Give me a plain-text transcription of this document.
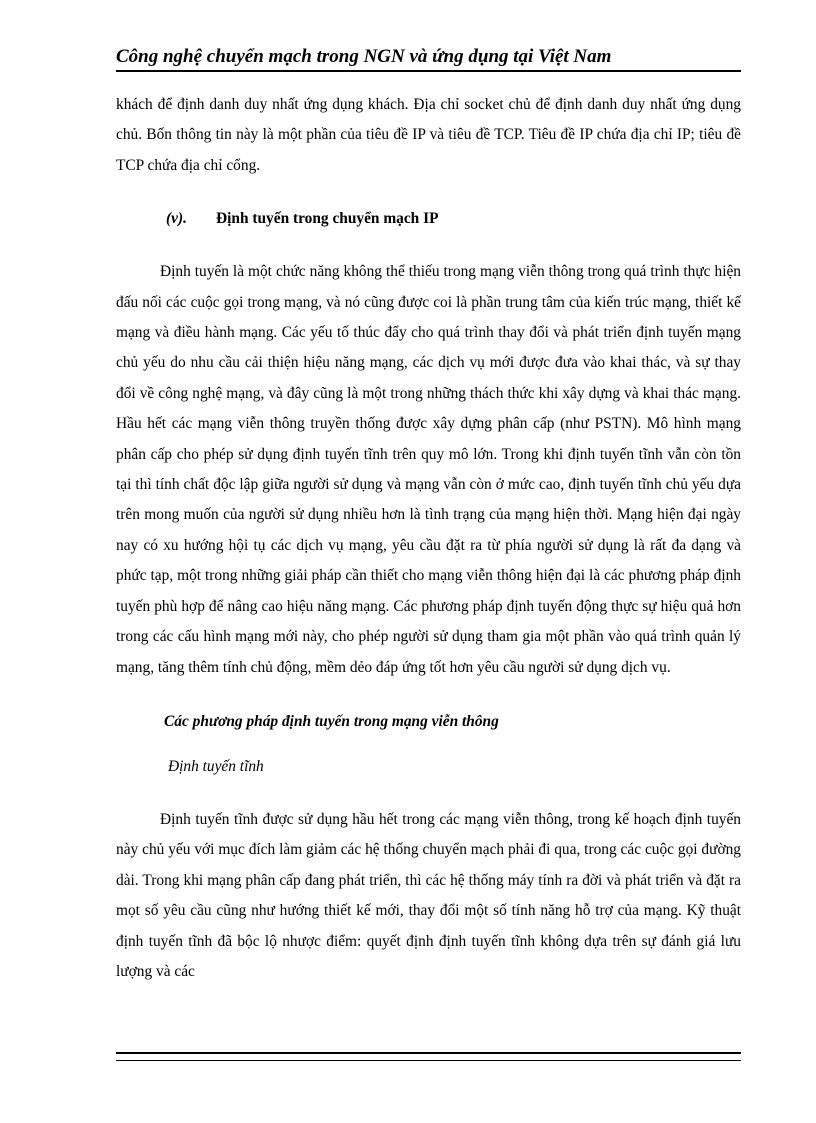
Công nghệ chuyển mạch trong NGN và ứng dụng tại Việt Nam

khách để định danh duy nhất ứng dụng khách. Địa chỉ socket chủ để định danh duy nhất ứng dụng chủ. Bốn thông tin này là một phần của tiêu đề IP và tiêu đề TCP. Tiêu đề IP chứa địa chỉ IP; tiêu đề TCP chứa địa chỉ cổng.

(v). Định tuyến trong chuyển mạch IP

Định tuyến là một chức năng không thể thiếu trong mạng viễn thông trong quá trình thực hiện đấu nối các cuộc gọi trong mạng, và nó cũng được coi là phần trung tâm của kiến trúc mạng, thiết kế mạng và điều hành mạng. Các yếu tố thúc đẩy cho quá trình thay đổi và phát triển định tuyến mạng chủ yếu do nhu cầu cải thiện hiệu năng mạng, các dịch vụ mới được đưa vào khai thác, và sự thay đổi về công nghệ mạng, và đây cũng là một trong những thách thức khi xây dựng và khai thác mạng. Hầu hết các mạng viễn thông truyền thống được xây dựng phân cấp (như PSTN). Mô hình mạng phân cấp cho phép sử dụng định tuyến tĩnh trên quy mô lớn. Trong khi định tuyến tĩnh vẫn còn tồn tại thì tính chất độc lập giữa người sử dụng và mạng vẫn còn ở mức cao, định tuyến tĩnh chủ yếu dựa trên mong muốn của người sử dụng nhiều hơn là tình trạng của mạng hiện thời. Mạng hiện đại ngày nay có xu hướng hội tụ các dịch vụ mạng, yêu cầu đặt ra từ phía người sử dụng là rất đa dạng và phức tạp, một trong những giải pháp cần thiết cho mạng viễn thông hiện đại là các phương pháp định tuyến phù hợp để nâng cao hiệu năng mạng. Các phương pháp định tuyến động thực sự hiệu quả hơn trong các cấu hình mạng mới này, cho phép người sử dụng tham gia một phần vào quá trình quản lý mạng, tăng thêm tính chủ động, mềm dẻo đáp ứng tốt hơn yêu cầu người sử dụng dịch vụ.

Các phương pháp định tuyến trong mạng viễn thông

Định tuyến tĩnh

Định tuyến tĩnh được sử dụng hầu hết trong các mạng viễn thông, trong kế hoạch định tuyến này chủ yếu với mục đích làm giảm các hệ thống chuyển mạch phải đi qua, trong các cuộc gọi đường dài. Trong khi mạng phân cấp đang phát triển, thì các hệ thống máy tính ra đời và phát triển và đặt ra mọt số yêu cầu cũng như hướng thiết kế mới, thay đổi một số tính năng hỗ trợ của mạng. Kỹ thuật định tuyến tĩnh đã bộc lộ nhược điểm: quyết định định tuyến tĩnh không dựa trên sự đánh giá lưu lượng và các
